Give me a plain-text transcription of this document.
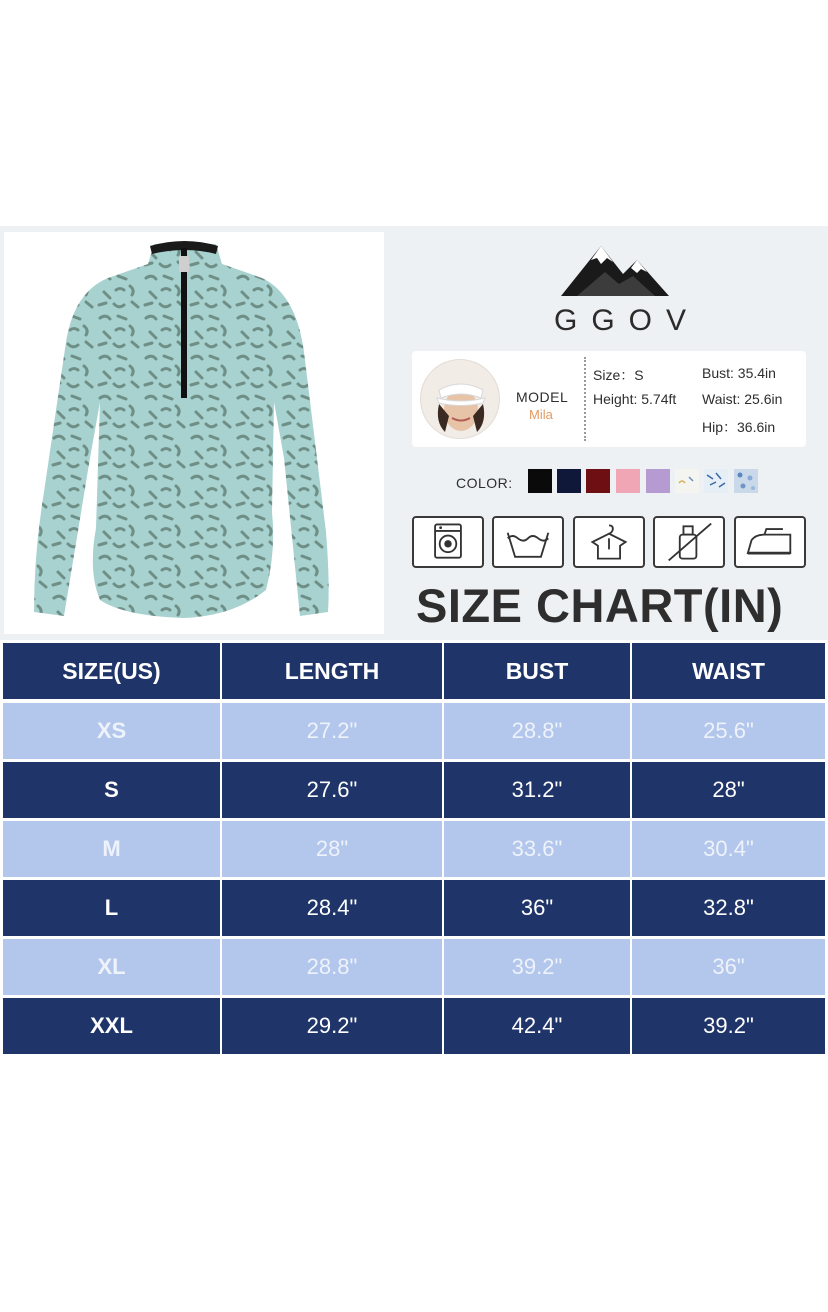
GGOV
MODEL
Mila
Size：S
Height: 5.74ft
Bust: 35.4in
Waist: 25.6in
Hip：36.6in
COLOR:
SIZE CHART(IN)
SIZE(US)	LENGTH	BUST	WAIST
XS	27.2"	28.8"	25.6"
S	27.6"	31.2"	28"
M	28"	33.6"	30.4"
L	28.4"	36"	32.8"
XL	28.8"	39.2"	36"
XXL	29.2"	42.4"	39.2"
